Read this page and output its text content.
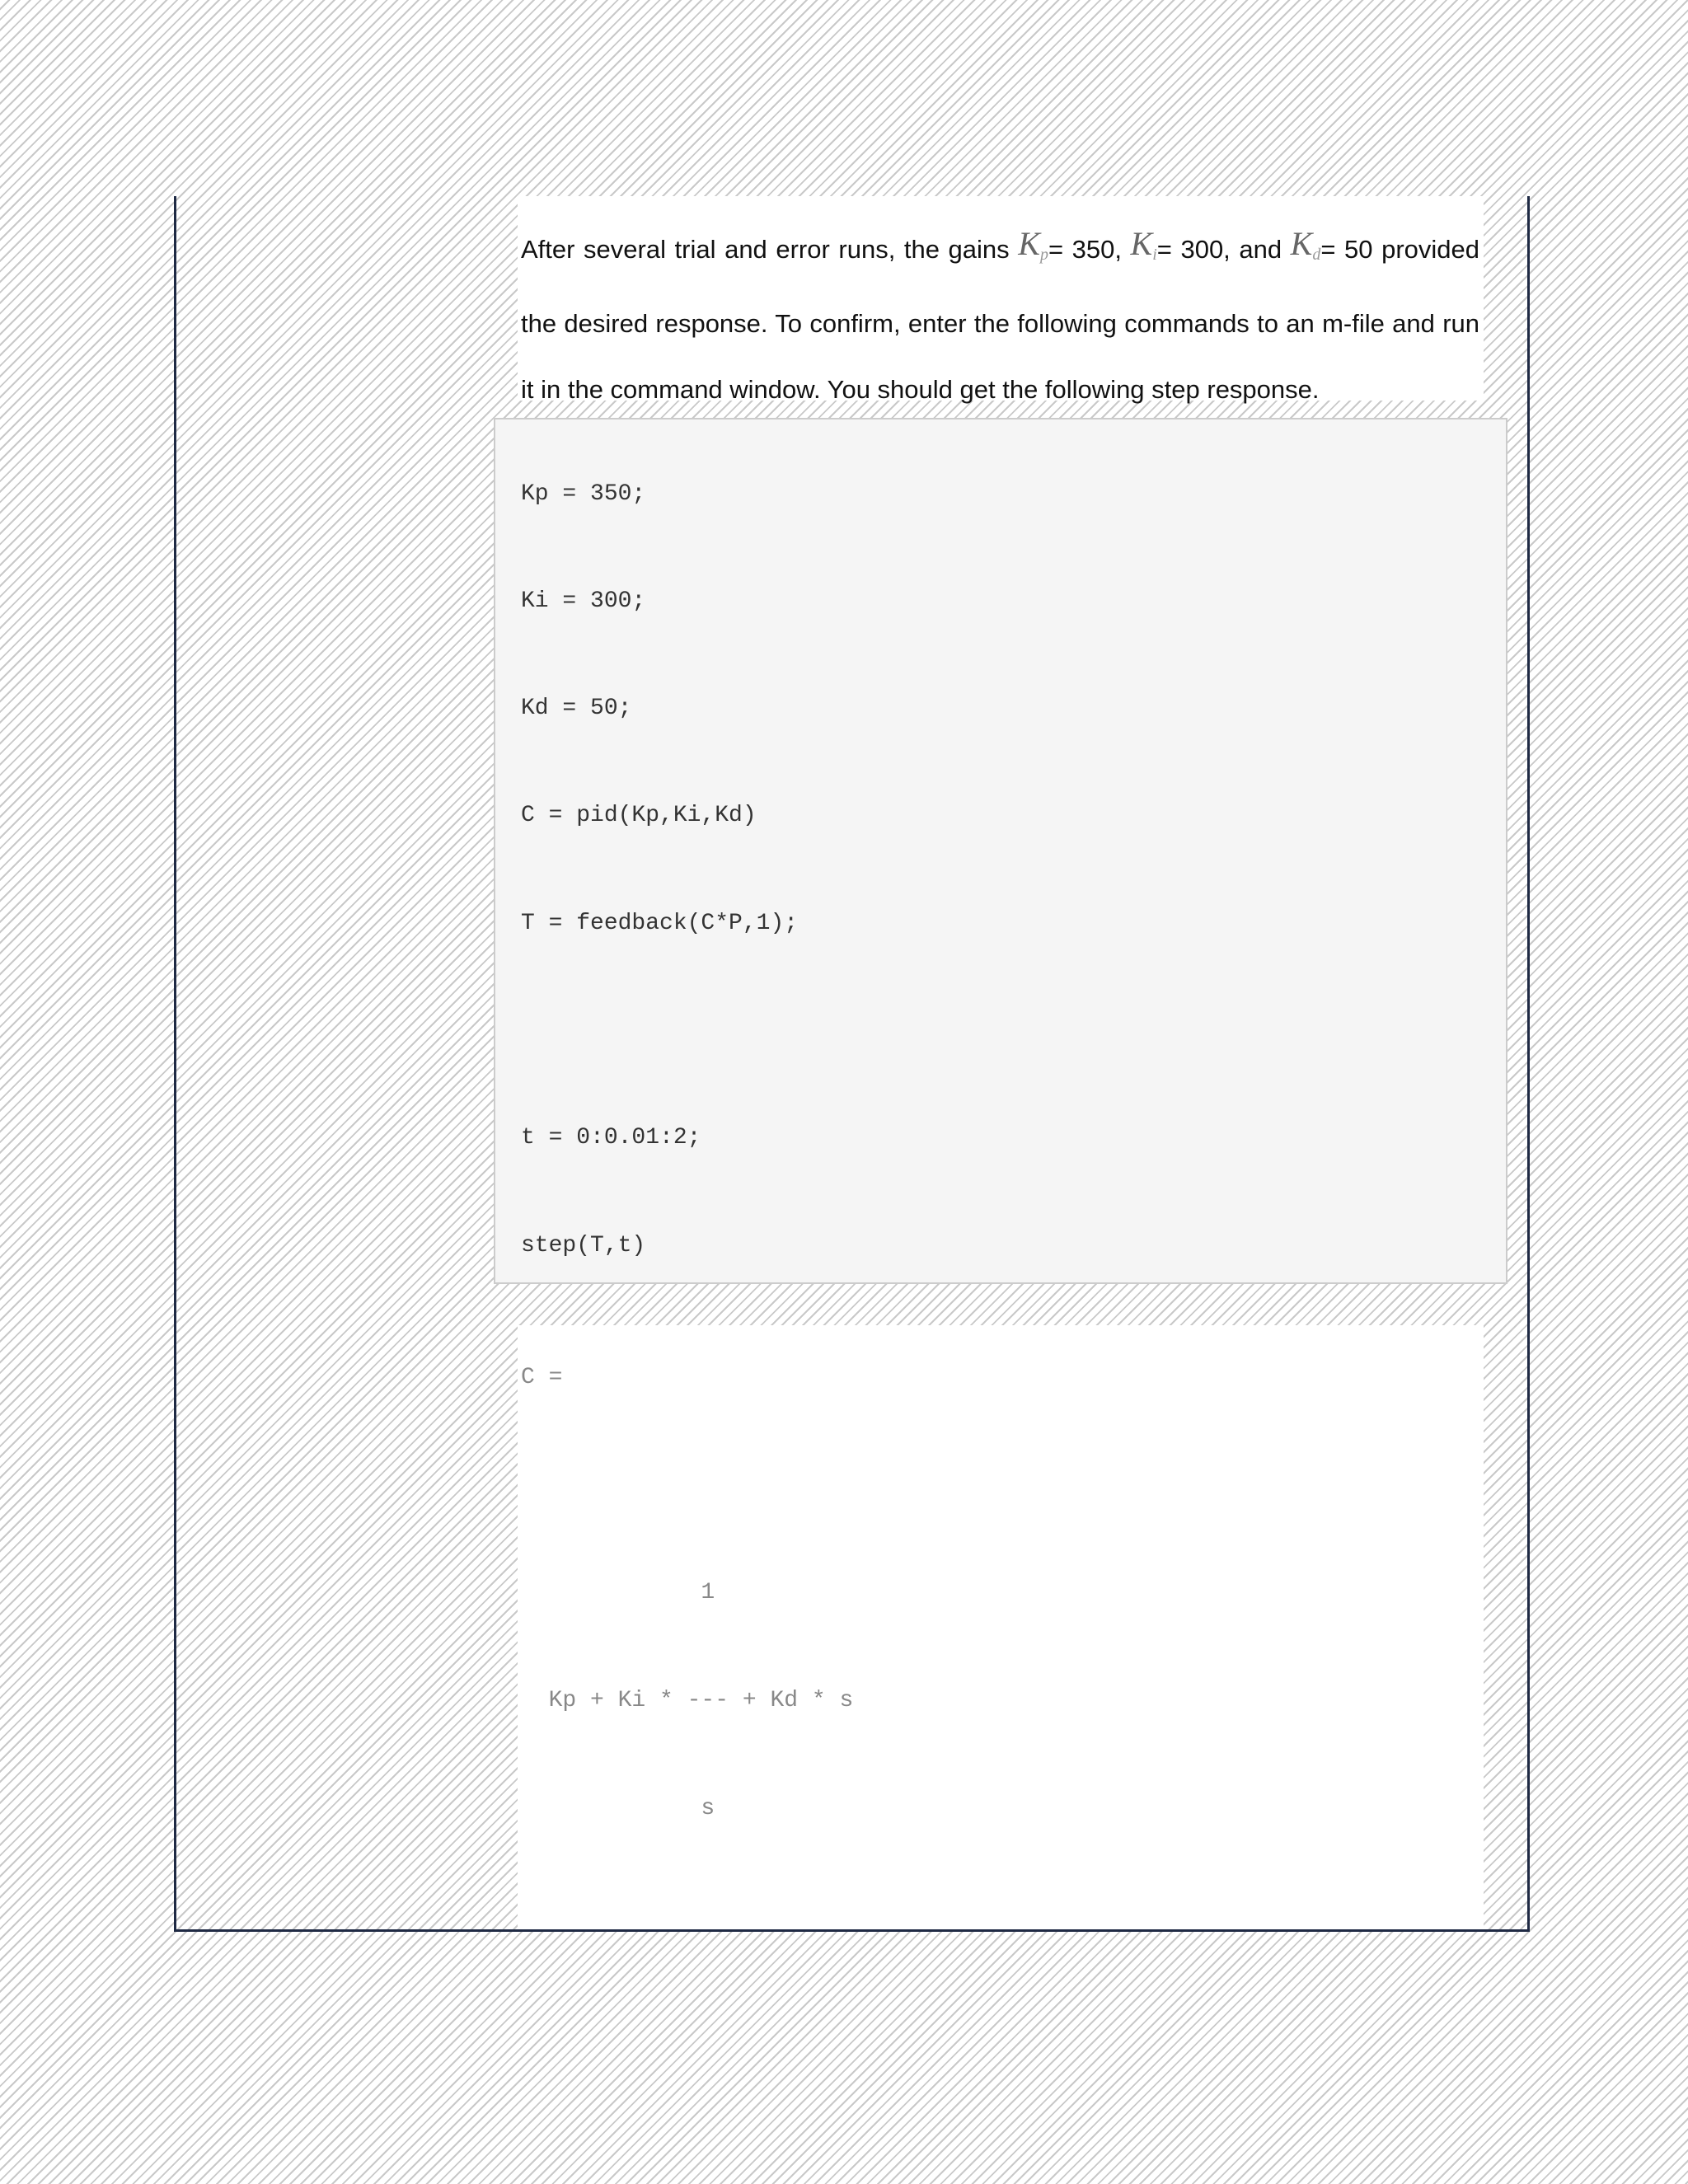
After several trial and error runs, the gains $K_p= 350$, $K_i= 300$, and $K_d= 50$ provided the desired response. To confirm, enter the following commands to an m-file and run it in the command window. You should get the following step response.

Kp = 350;
Ki = 300;
Kd = 50;
C = pid(Kp,Ki,Kd)
T = feedback(C*P,1);
t = 0:0.01:2;
step(T,t)
C =
1
Kp + Ki * --- + Kd * s
s
